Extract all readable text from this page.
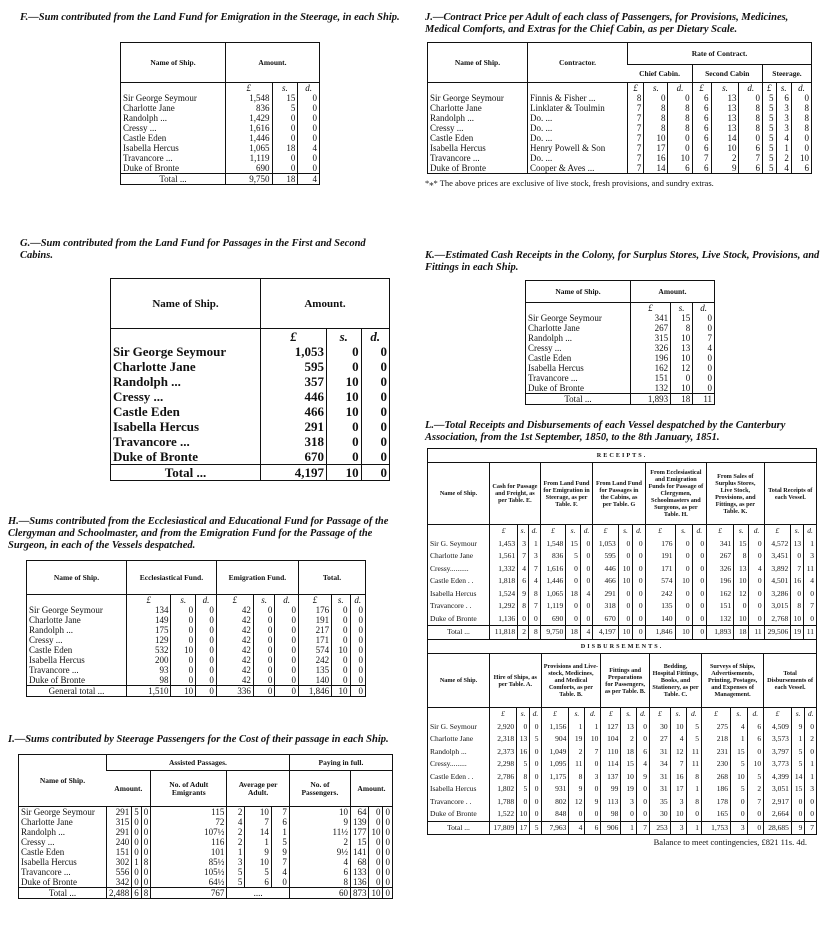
F.—Sum contributed from the Land Fund for Emigration in the Steerage, in each Ship.
Name of Ship.	Amount.		
	£	s.	d.
Sir George Seymour	1,548	15	0
Charlotte Jane	836	5	0
Randolph ...	1,429	0	0
Cressy ...	1,616	0	0
Castle Eden	1,446	0	0
Isabella Hercus	1,065	18	4
Travancore ...	1,119	0	0
Duke of Bronte	690	0	0
Total ...	9,750	18	4
G.—Sum contributed from the Land Fund for Passages in the First and Second Cabins.
Name of Ship.	Amount.		
	£	s.	d.
Sir George Seymour	1,053	0	0
Charlotte Jane	595	0	0
Randolph ...	357	10	0
Cressy ...	446	10	0
Castle Eden	466	10	0
Isabella Hercus	291	0	0
Travancore ...	318	0	0
Duke of Bronte	670	0	0
Total ...	4,197	10	0
H.—Sums contributed from the Ecclesiastical and Educational Fund for Passage of the Clergyman and Schoolmaster, and from the Emigration Fund for the Passage of the Surgeon, in each of the Vessels despatched.
Name of Ship.	Ecclesiastical Fund.			Emigration Fund.			Total.		
	£	s.	d.	£	s.	d.	£	s.	d.
Sir George Seymour	134	0	0	42	0	0	176	0	0
Charlotte Jane	149	0	0	42	0	0	191	0	0
Randolph ...	175	0	0	42	0	0	217	0	0
Cressy ...	129	0	0	42	0	0	171	0	0
Castle Eden	532	10	0	42	0	0	574	10	0
Isabella Hercus	200	0	0	42	0	0	242	0	0
Travancore ...	93	0	0	42	0	0	135	0	0
Duke of Bronte	98	0	0	42	0	0	140	0	0
General total ...	1,510	10	0	336	0	0	1,846	10	0
I.—Sums contributed by Steerage Passengers for the Cost of their passage in each Ship.
Name of Ship.	Assisted Passages.							Paying in full.			
	Amount.			No. of Adult Emigrants	Average per Adult.			No. of Passengers.	Amount.		
Sir George Seymour	291	5	0	115	2	10	7	10	64	0	0
Charlotte Jane	315	0	0	72	4	7	6	9	139	0	0
Randolph ...	291	0	0	107½	2	14	1	11½	177	10	0
Cressy ...	240	0	0	116	2	1	5	2	15	0	0
Castle Eden	151	0	0	101	1	9	9	9½	141	0	0
Isabella Hercus	302	1	8	85½	3	10	7	4	68	0	0
Travancore ...	556	0	0	105½	5	5	4	6	133	0	0
Duke of Bronte	342	0	0	64½	5	6	0	8	136	0	0
Total ...	2,488	6	8	767	....			60	873	10	0
J.—Contract Price per Adult of each class of Passengers, for Provisions, Medicines, Medical Comforts, and Extras for the Chief Cabin, as per Dietary Scale.
Name of Ship.	Contractor.	Rate of Contract.								
		Chief Cabin.			Second Cabin			Steerage.		
		£	s.	d.	£	s.	d.	£	s.	d.
Sir George Seymour	Finnis & Fisher ...	8	0	0	6	13	0	5	6	0
Charlotte Jane	Linklater & Toulmin	7	8	8	6	13	8	5	3	8
Randolph ...	Do. ...	7	8	8	6	13	8	5	3	8
Cressy ...	Do. ...	7	8	8	6	13	8	5	3	8
Castle Eden	Do. ...	7	10	0	6	14	0	5	4	0
Isabella Hercus	Henry Powell & Son	7	17	0	6	10	6	5	1	0
Travancore ...	Do. ...	7	16	10	7	2	7	5	2	10
Duke of Bronte	Cooper & Aves ...	7	14	6	6	9	6	5	4	6
*⁎* The above prices are exclusive of live stock, fresh provisions, and sundry extras.
K.—Estimated Cash Receipts in the Colony, for Surplus Stores, Live Stock, Provisions, and Fittings in each Ship.
Name of Ship.	Amount.		
	£	s.	d.
Sir George Seymour	341	15	0
Charlotte Jane	267	8	0
Randolph ...	315	10	7
Cressy ...	326	13	4
Castle Eden	196	10	0
Isabella Hercus	162	12	0
Travancore ...	151	0	0
Duke of Bronte	132	10	0
Total ...	1,893	18	11
L.—Total Receipts and Disbursements of each Vessel despatched by the Canterbury Association, from the 1st September, 1850, to the 8th January, 1851.
RECEIPTS.																		
Name of Ship.	Cash for Passage and Freight, as per Table. E.			From Land Fund for Emigration in Steerage, as per Table. F.			From Land Fund for Passages in the Cabins, as per Table. G			From Ecclesiastical and Emigration Funds for Passage of Clergymen, Schoolmasters and Surgeons, as per Table. H.			From Sales of Surplus Stores, Live Stock, Provisions, and Fittings, as per Table. K.			Total Receipts of each Vessel.		
	£	s.	d.	£	s.	d.	£	s.	d.	£	s.	d.	£	s.	d.	£	s.	d.
Sir G. Seymour	1,453	3	1	1,548	15	0	1,053	0	0	176	0	0	341	15	0	4,572	13	1
Charlotte Jane	1,561	7	3	836	5	0	595	0	0	191	0	0	267	8	0	3,451	0	3
Cressy..........	1,332	4	7	1,616	0	0	446	10	0	171	0	0	326	13	4	3,892	7	11
Castle Eden . .	1,818	6	4	1,446	0	0	466	10	0	574	10	0	196	10	0	4,501	16	4
Isabella Hercus	1,524	9	8	1,065	18	4	291	0	0	242	0	0	162	12	0	3,286	0	0
Travancore . .	1,292	8	7	1,119	0	0	318	0	0	135	0	0	151	0	0	3,015	8	7
Duke of Bronte	1,136	0	0	690	0	0	670	0	0	140	0	0	132	10	0	2,768	10	0
Total ...	11,818	2	8	9,750	18	4	4,197	10	0	1,846	10	0	1,893	18	11	29,506	19	11
DISBURSEMENTS.																		
Name of Ship.	Hire of Ships, as per Table. A.			Provisions and Live-stock, Medicines, and Medical Comforts, as per Table. B.			Fittings and Preparations for Passengers, as per Table. B.			Bedding, Hospital Fittings, Books, and Stationery, as per Table. C.			Surveys of Ships, Advertisements, Printing, Postages, and Expenses of Management.			Total Disbursements of each Vessel.		
	£	s.	d.	£	s.	d.	£	s.	d.	£	s.	d.	£	s.	d.	£	s.	d.
Sir G. Seymour	2,920	0	0	1,156	1	1	127	13	0	30	10	5	275	4	6	4,509	9	0
Charlotte Jane	2,318	13	5	904	19	10	104	2	0	27	4	5	218	1	6	3,573	1	2
Randolph ...	2,373	16	0	1,049	2	7	110	18	6	31	12	11	231	15	0	3,797	5	0
Cressy.........	2,298	5	0	1,095	11	0	114	15	4	34	7	11	230	5	10	3,773	5	1
Castle Eden . .	2,786	8	0	1,175	8	3	137	10	9	31	16	8	268	10	5	4,399	14	1
Isabella Hercus	1,802	5	0	931	9	0	99	19	0	31	17	1	186	5	2	3,051	15	3
Travancore . .	1,788	0	0	802	12	9	113	3	0	35	3	8	178	0	7	2,917	0	0
Duke of Bronte	1,522	10	0	848	0	0	98	0	0	30	10	0	165	0	0	2,664	0	0
Total ...	17,809	17	5	7,963	4	6	906	1	7	253	3	1	1,753	3	0	28,685	9	7
Balance to meet contingencies, £821 11s. 4d.
